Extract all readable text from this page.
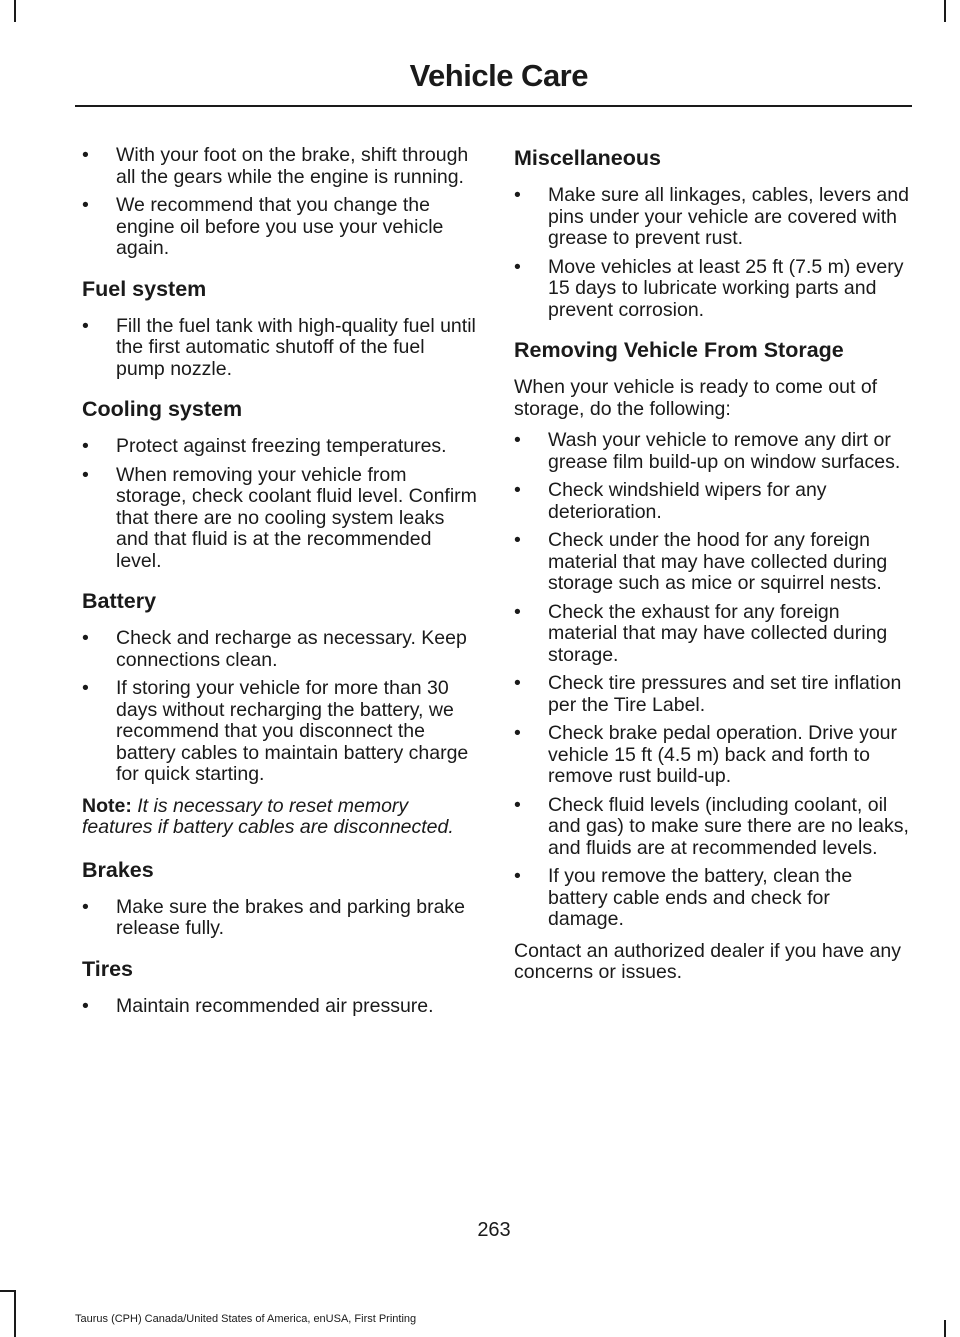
Vehicle Care
• With your foot on the brake, shift through all the gears while the engine is running.
• We recommend that you change the engine oil before you use your vehicle again.
Fuel system
• Fill the fuel tank with high-quality fuel until the first automatic shutoff of the fuel pump nozzle.
Cooling system
• Protect against freezing temperatures.
• When removing your vehicle from storage, check coolant fluid level. Confirm that there are no cooling system leaks and that fluid is at the recommended level.
Battery
• Check and recharge as necessary. Keep connections clean.
• If storing your vehicle for more than 30 days without recharging the battery, we recommend that you disconnect the battery cables to maintain battery charge for quick starting.

Note: It is necessary to reset memory features if battery cables are disconnected.

Brakes
• Make sure the brakes and parking brake release fully.
Tires
• Maintain recommended air pressure.
Miscellaneous
• Make sure all linkages, cables, levers and pins under your vehicle are covered with grease to prevent rust.
• Move vehicles at least 25 ft (7.5 m) every 15 days to lubricate working parts and prevent corrosion.
Removing Vehicle From Storage

When your vehicle is ready to come out of storage, do the following:

• Wash your vehicle to remove any dirt or grease film build-up on window surfaces.
• Check windshield wipers for any deterioration.
• Check under the hood for any foreign material that may have collected during storage such as mice or squirrel nests.
• Check the exhaust for any foreign material that may have collected during storage.
• Check tire pressures and set tire inflation per the Tire Label.
• Check brake pedal operation. Drive your vehicle 15 ft (4.5 m) back and forth to remove rust build-up.
• Check fluid levels (including coolant, oil and gas) to make sure there are no leaks, and fluids are at recommended levels.
• If you remove the battery, clean the battery cable ends and check for damage.

Contact an authorized dealer if you have any concerns or issues.

263
Taurus (CPH) Canada/United States of America, enUSA, First Printing
